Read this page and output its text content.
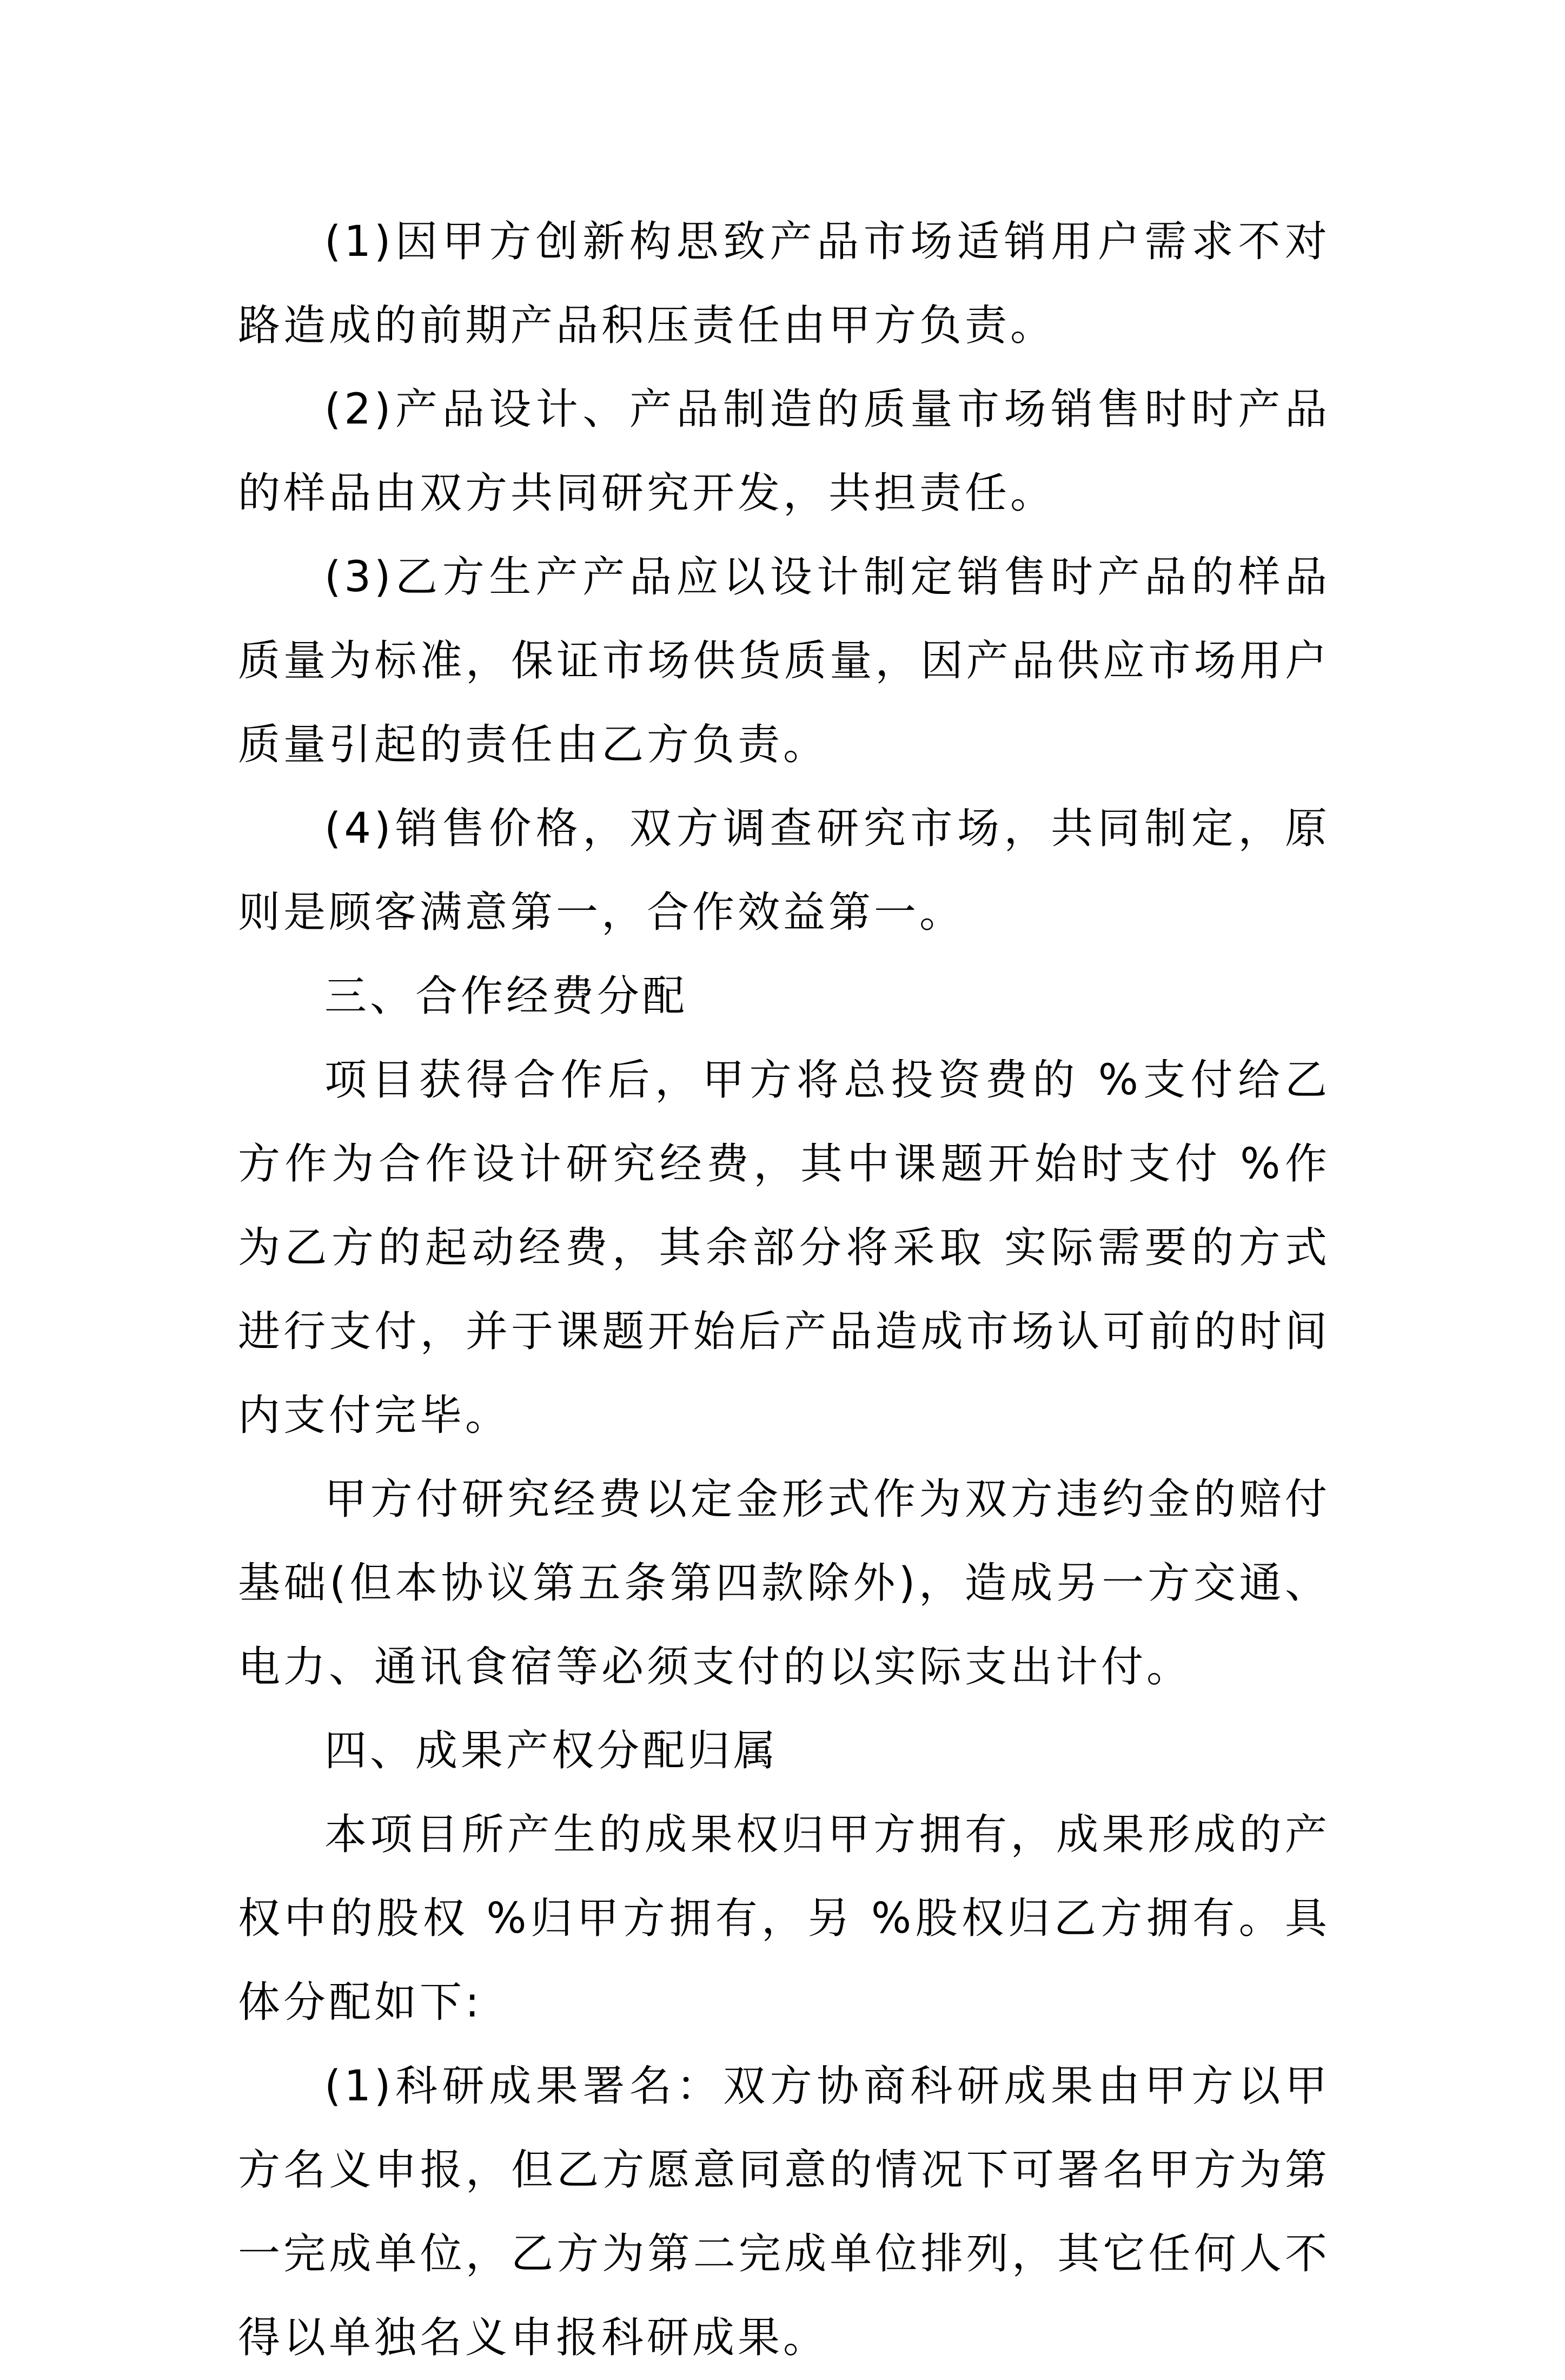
(1)因甲方创新构思致产品市场适销用户需求不对路造成的前期产品积压责任由甲方负责。

(2)产品设计、产品制造的质量市场销售时时产品的样品由双方共同研究开发，共担责任。

(3)乙方生产产品应以设计制定销售时产品的样品质量为标准，保证市场供货质量，因产品供应市场用户质量引起的责任由乙方负责。

(4)销售价格，双方调查研究市场，共同制定，原则是顾客满意第一，合作效益第一。

三、合作经费分配

项目获得合作后，甲方将总投资费的 %支付给乙方作为合作设计研究经费，其中课题开始时支付 %作为乙方的起动经费，其余部分将采取 实际需要的方式进行支付，并于课题开始后产品造成市场认可前的时间内支付完毕。

甲方付研究经费以定金形式作为双方违约金的赔付基础(但本协议第五条第四款除外)，造成另一方交通、电力、通讯食宿等必须支付的以实际支出计付。

四、成果产权分配归属

本项目所产生的成果权归甲方拥有，成果形成的产权中的股权 %归甲方拥有，另 %股权归乙方拥有。具体分配如下:

(1)科研成果署名：双方协商科研成果由甲方以甲方名义申报，但乙方愿意同意的情况下可署名甲方为第一完成单位，乙方为第二完成单位排列，其它任何人不得以单独名义申报科研成果。
